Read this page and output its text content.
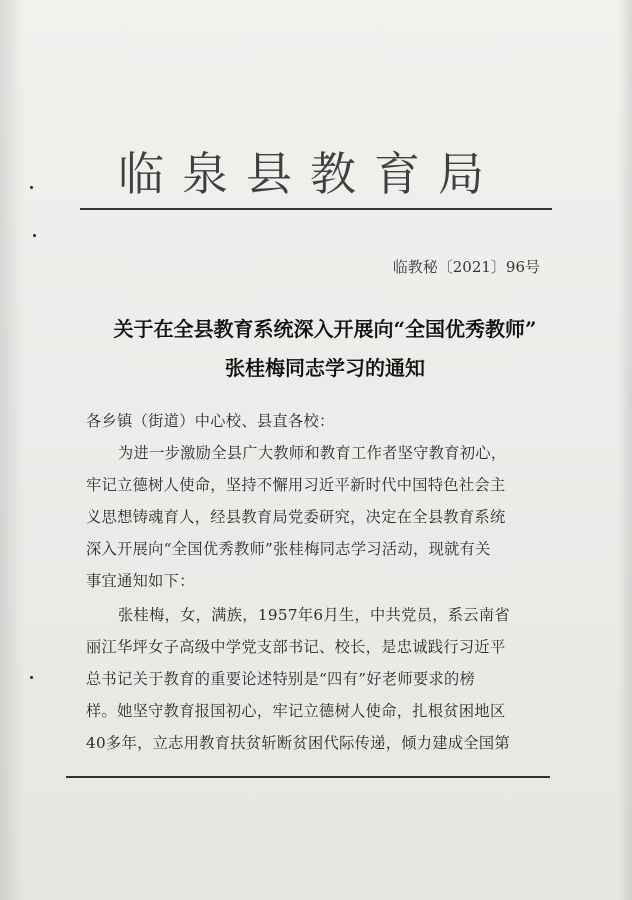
临泉县教育局
临教秘〔2021〕96号
关于在全县教育系统深入开展向“全国优秀教师”
张桂梅同志学习的通知
各乡镇（街道）中心校、县直各校：
为进一步激励全县广大教师和教育工作者坚守教育初心，
牢记立德树人使命，坚持不懈用习近平新时代中国特色社会主
义思想铸魂育人，经县教育局党委研究，决定在全县教育系统
深入开展向“全国优秀教师”张桂梅同志学习活动，现就有关
事宜通知如下：
张桂梅，女，满族，1957年6月生，中共党员，系云南省
丽江华坪女子高级中学党支部书记、校长，是忠诚践行习近平
总书记关于教育的重要论述特别是“四有”好老师要求的榜
样。她坚守教育报国初心，牢记立德树人使命，扎根贫困地区
40多年，立志用教育扶贫斩断贫困代际传递，倾力建成全国第
